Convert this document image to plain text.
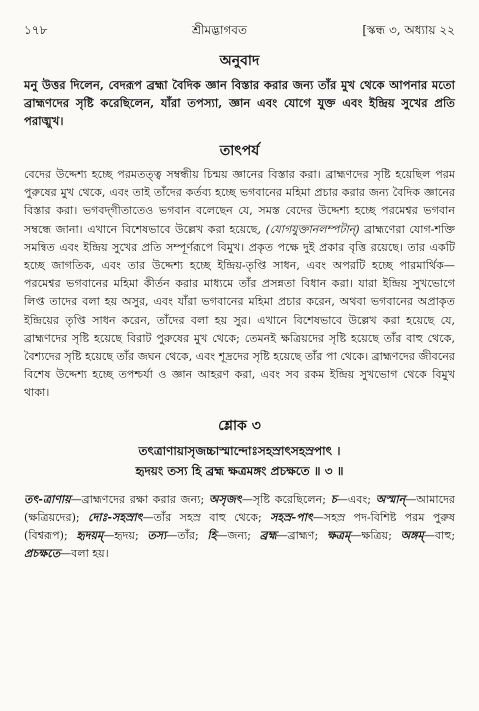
১৭৮	শ্রীমদ্ভাগবত	[স্কন্ধ ৩, অধ্যায় ২২
অনুবাদ

মনু উত্তর দিলেন, বেদরূপ ব্রহ্মা বৈদিক জ্ঞান বিস্তার করার জন্য তাঁর মুখ থেকে আপনার মতো ব্রাহ্মণদের সৃষ্টি করেছিলেন, যাঁরা তপস্যা, জ্ঞান এবং যোগে যুক্ত এবং ইন্দ্রিয় সুখের প্রতি পরাঙ্মুখ।

তাৎপর্য

বেদের উদ্দেশ্য হচ্ছে পরমতত্ত্ব সম্বন্ধীয় চিন্ময় জ্ঞানের বিস্তার করা। ব্রাহ্মণদের সৃষ্টি হয়েছিল পরম পুরুষের মুখ থেকে, এবং তাই তাঁদের কর্তব্য হচ্ছে ভগবানের মহিমা প্রচার করার জন্য বৈদিক জ্ঞানের বিস্তার করা। ভগবদ্‌গীতাতেও ভগবান বলেছেন যে, সমস্ত বেদের উদ্দেশ্য হচ্ছে পরমেশ্বর ভগবান সম্বন্ধে জানা। এখানে বিশেষভাবে উল্লেখ করা হয়েছে, (যোগযুক্তানলম্পটান্) ব্রাহ্মণেরা যোগ-শক্তি সমন্বিত এবং ইন্দ্রিয় সুখের প্রতি সম্পূর্ণরূপে বিমুখ। প্রকৃত পক্ষে দুই প্রকার বৃত্তি রয়েছে। তার একটি হচ্ছে জাগতিক, এবং তার উদ্দেশ্য হচ্ছে ইন্দ্রিয়-তৃপ্তি সাধন, এবং অপরটি হচ্ছে পারমার্থিক—পরমেশ্বর ভগবানের মহিমা কীর্তন করার মাধ্যমে তাঁর প্রসন্নতা বিধান করা। যারা ইন্দ্রিয় সুখভোগে লিপ্ত তাদের বলা হয় অসুর, এবং যাঁরা ভগবানের মহিমা প্রচার করেন, অথবা ভগবানের অপ্রাকৃত ইন্দ্রিয়ের তৃপ্তি সাধন করেন, তাঁদের বলা হয় সুর। এখানে বিশেষভাবে উল্লেখ করা হয়েছে যে, ব্রাহ্মণদের সৃষ্টি হয়েছে বিরাট পুরুষের মুখ থেকে; তেমনই ক্ষত্রিয়দের সৃষ্টি হয়েছে তাঁর বাহু থেকে, বৈশ্যদের সৃষ্টি হয়েছে তাঁর জঘন থেকে, এবং শূদ্রদের সৃষ্টি হয়েছে তাঁর পা থেকে। ব্রাহ্মণদের জীবনের বিশেষ উদ্দেশ্য হচ্ছে তপশ্চর্যা ও জ্ঞান আহরণ করা, এবং সব রকম ইন্দ্রিয় সুখভোগ থেকে বিমুখ থাকা।

শ্লোক ৩

তৎত্রাণায়াসৃজচ্চাস্মান্দোঃসহস্রাৎসহস্রপাৎ ।

হৃদয়ং তস্য হি ব্রহ্ম ক্ষত্রমঙ্গং প্রচক্ষতে ॥ ৩ ॥

তৎ-ত্রাণায়—ব্রাহ্মণদের রক্ষা করার জন্য; অসৃজৎ—সৃষ্টি করেছিলেন; চ—এবং; অস্মান্—আমাদের (ক্ষত্রিয়দের); দোঃ-সহস্রাৎ—তাঁর সহস্র বাহু থেকে; সহস্র-পাৎ—সহস্র পদ-বিশিষ্ট পরম পুরুষ (বিশ্বরূপ); হৃদয়ম্—হৃদয়; তস্য—তাঁর; হি—জন্য; ব্রহ্ম—ব্রাহ্মণ; ক্ষত্রম্—ক্ষত্রিয়; অঙ্গম্—বাহু; প্রচক্ষতে—বলা হয়।
